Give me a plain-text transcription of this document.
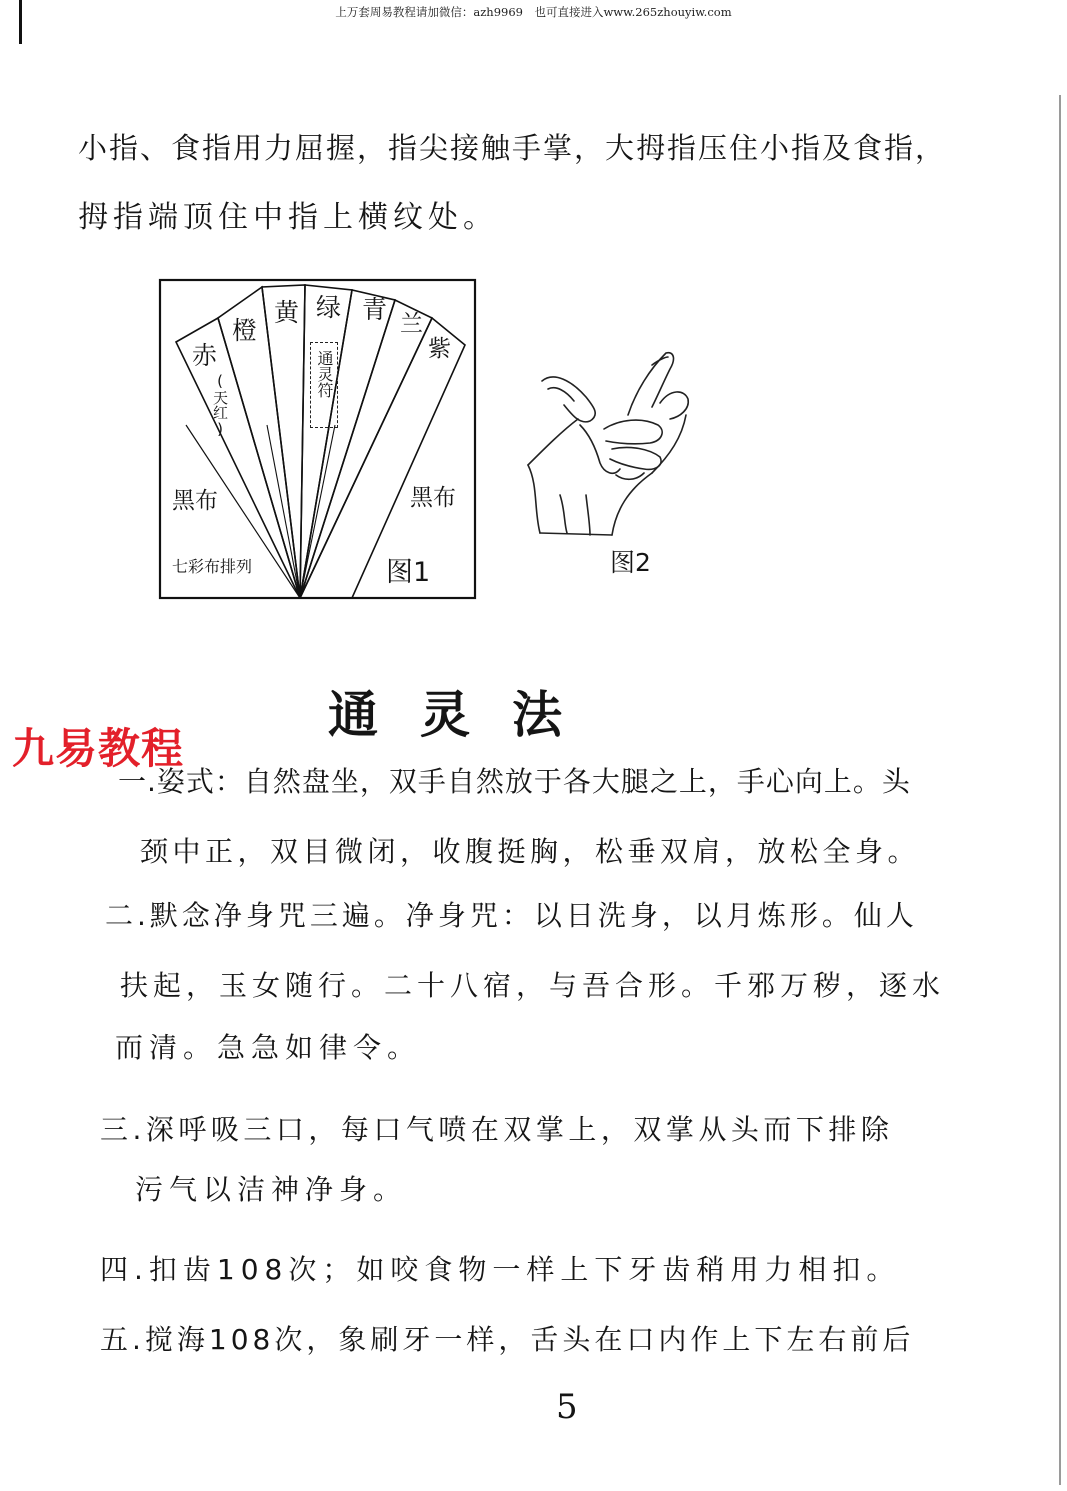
上万套周易教程请加微信：azh9969　也可直接进入www.265zhouyiw.com
小指、食指用力屈握，指尖接触手掌，大拇指压住小指及食指，
拇指端顶住中指上横纹处。
赤
(天红)
橙
黄 绿
通灵符
青 兰
紫
黑布	黑布
七彩布排列	图1	图2
通灵法
九易教程
一.姿式：自然盘坐，双手自然放于各大腿之上，手心向上。头
颈中正，双目微闭，收腹挺胸，松垂双肩，放松全身。
二.默念净身咒三遍。净身咒：以日洗身，以月炼形。仙人
扶起，玉女随行。二十八宿，与吾合形。千邪万秽，逐水
而清。急急如律令。
三.深呼吸三口，每口气喷在双掌上，双掌从头而下排除
污气以洁神净身。
四.扣齿108次；如咬食物一样上下牙齿稍用力相扣。
五.搅海108次，象刷牙一样，舌头在口内作上下左右前后
5
